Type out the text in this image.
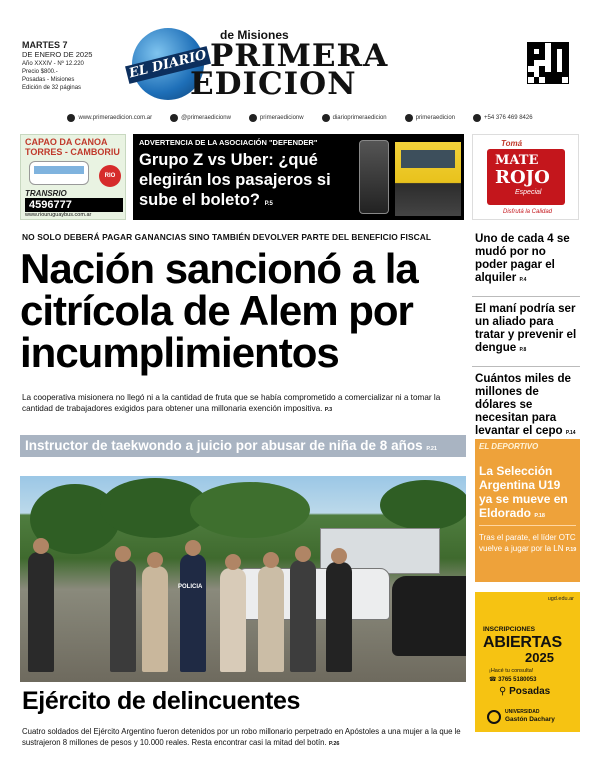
MARTES 7
DE ENERO DE 2025
Año XXXIV - Nº 12.220
Precio $800.-
Posadas - Misiones
Edición de 32 páginas
EL DIARIO
de Misiones
PRIMERA
EDICION
www.primeraedicion.com.ar	@primeraedicionw	primeraedicionw	diarioprimeraedicion	primeraedicion	+54 376 469 8426
CAPAO DA CANOA
TORRES - CAMBORIU
RIO
TRANSRIO
4596777
www.riouruguaybus.com.ar
ADVERTENCIA DE LA ASOCIACIÓN "DEFENDER"
Grupo Z vs Uber: ¿qué elegirán los pasajeros si sube el boleto? P.5
Tomá
MATE
ROJO
Especial
Disfrutá la Calidad
NO SOLO DEBERÁ PAGAR GANANCIAS SINO TAMBIÉN DEVOLVER PARTE DEL BENEFICIO FISCAL
Nación sancionó a la citrícola de Alem por incumplimientos

La cooperativa misionera no llegó ni a la cantidad de fruta que se había comprometido a comercializar ni a tomar la cantidad de trabajadores exigidos para obtener una millonaria exención impositiva. P.3

Instructor de taekwondo a juicio por abusar de niña de 8 años P.21
POLICIA
Ejército de delincuentes

Cuatro soldados del Ejército Argentino fueron detenidos por un robo millonario perpetrado en Apóstoles a una mujer a la que le sustrajeron 8 millones de pesos y 10.000 reales. Resta encontrar casi la mitad del botín. P.26

Uno de cada 4 se mudó por no poder pagar el alquiler P.4
El maní podría ser un aliado para tratar y prevenir el dengue P.8
Cuántos miles de millones de dólares se necesitan para levantar el cepo P.14
EL DEPORTIVO
La Selección Argentina U19 ya se mueve en Eldorado P.18
Tras el parate, el líder OTC vuelve a jugar por la LN P.19
ugd.edu.ar
INSCRIPCIONES
ABIERTAS
2025
¡Hacé tu consulta!
☎ 3765 5180053
⚲ Posadas
UNIVERSIDAD
Gastón Dachary
